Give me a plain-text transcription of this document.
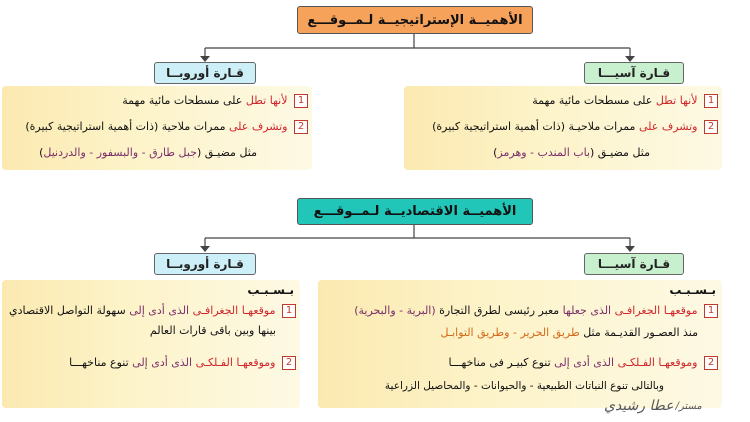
الأهميــة الإستراتيجيــة لـمــوقـــع
قـارة أوروبــا	قـارة آسيـــا
1 لأنها تطل على مسطحات مائية مهمة
2 وتشرف على ممرات ملاحية (ذات أهمية استراتيجية كبيرة)
مثل مضيـق (جبل طارق - والبسفور - والدردنيل)
1 لأنها تطل على مسطحات مائية مهمة
2 وتشرف على ممرات ملاحيـة (ذات أهمية استراتيجية كبيرة)
مثل مضيـق (باب المندب - وهرمز)
الأهميــة الاقتصاديــة لـمــوقـــع
قـارة أوروبــا	قـارة آسيـــا
بـسـبـب
1 موقعهـا الجغرافـى الذى أدى إلى سهولة التواصل الاقتصادي
بينها وبين باقى قارات العالم
2 وموقعهـا الفـلكـى الذى أدى إلى تنوع مناخهـــا
بـسـبـب
1 موقعهـا الجغرافـى الذى جعلها معبر رئيسى لطرق التجارة (البرية - والبحرية)
منذ العصـور القديـمة مثل طريق الحرير - وطريق التوابـل
2 وموقعهـا الفـلكـى الذى أدى إلى تنوع كبيـر فى مناخهـــا
وبالتالى تنوع النباتات الطبيعية - والحيوانات - والمحاصيل الزراعية
مستر/
عطا رشيدي
